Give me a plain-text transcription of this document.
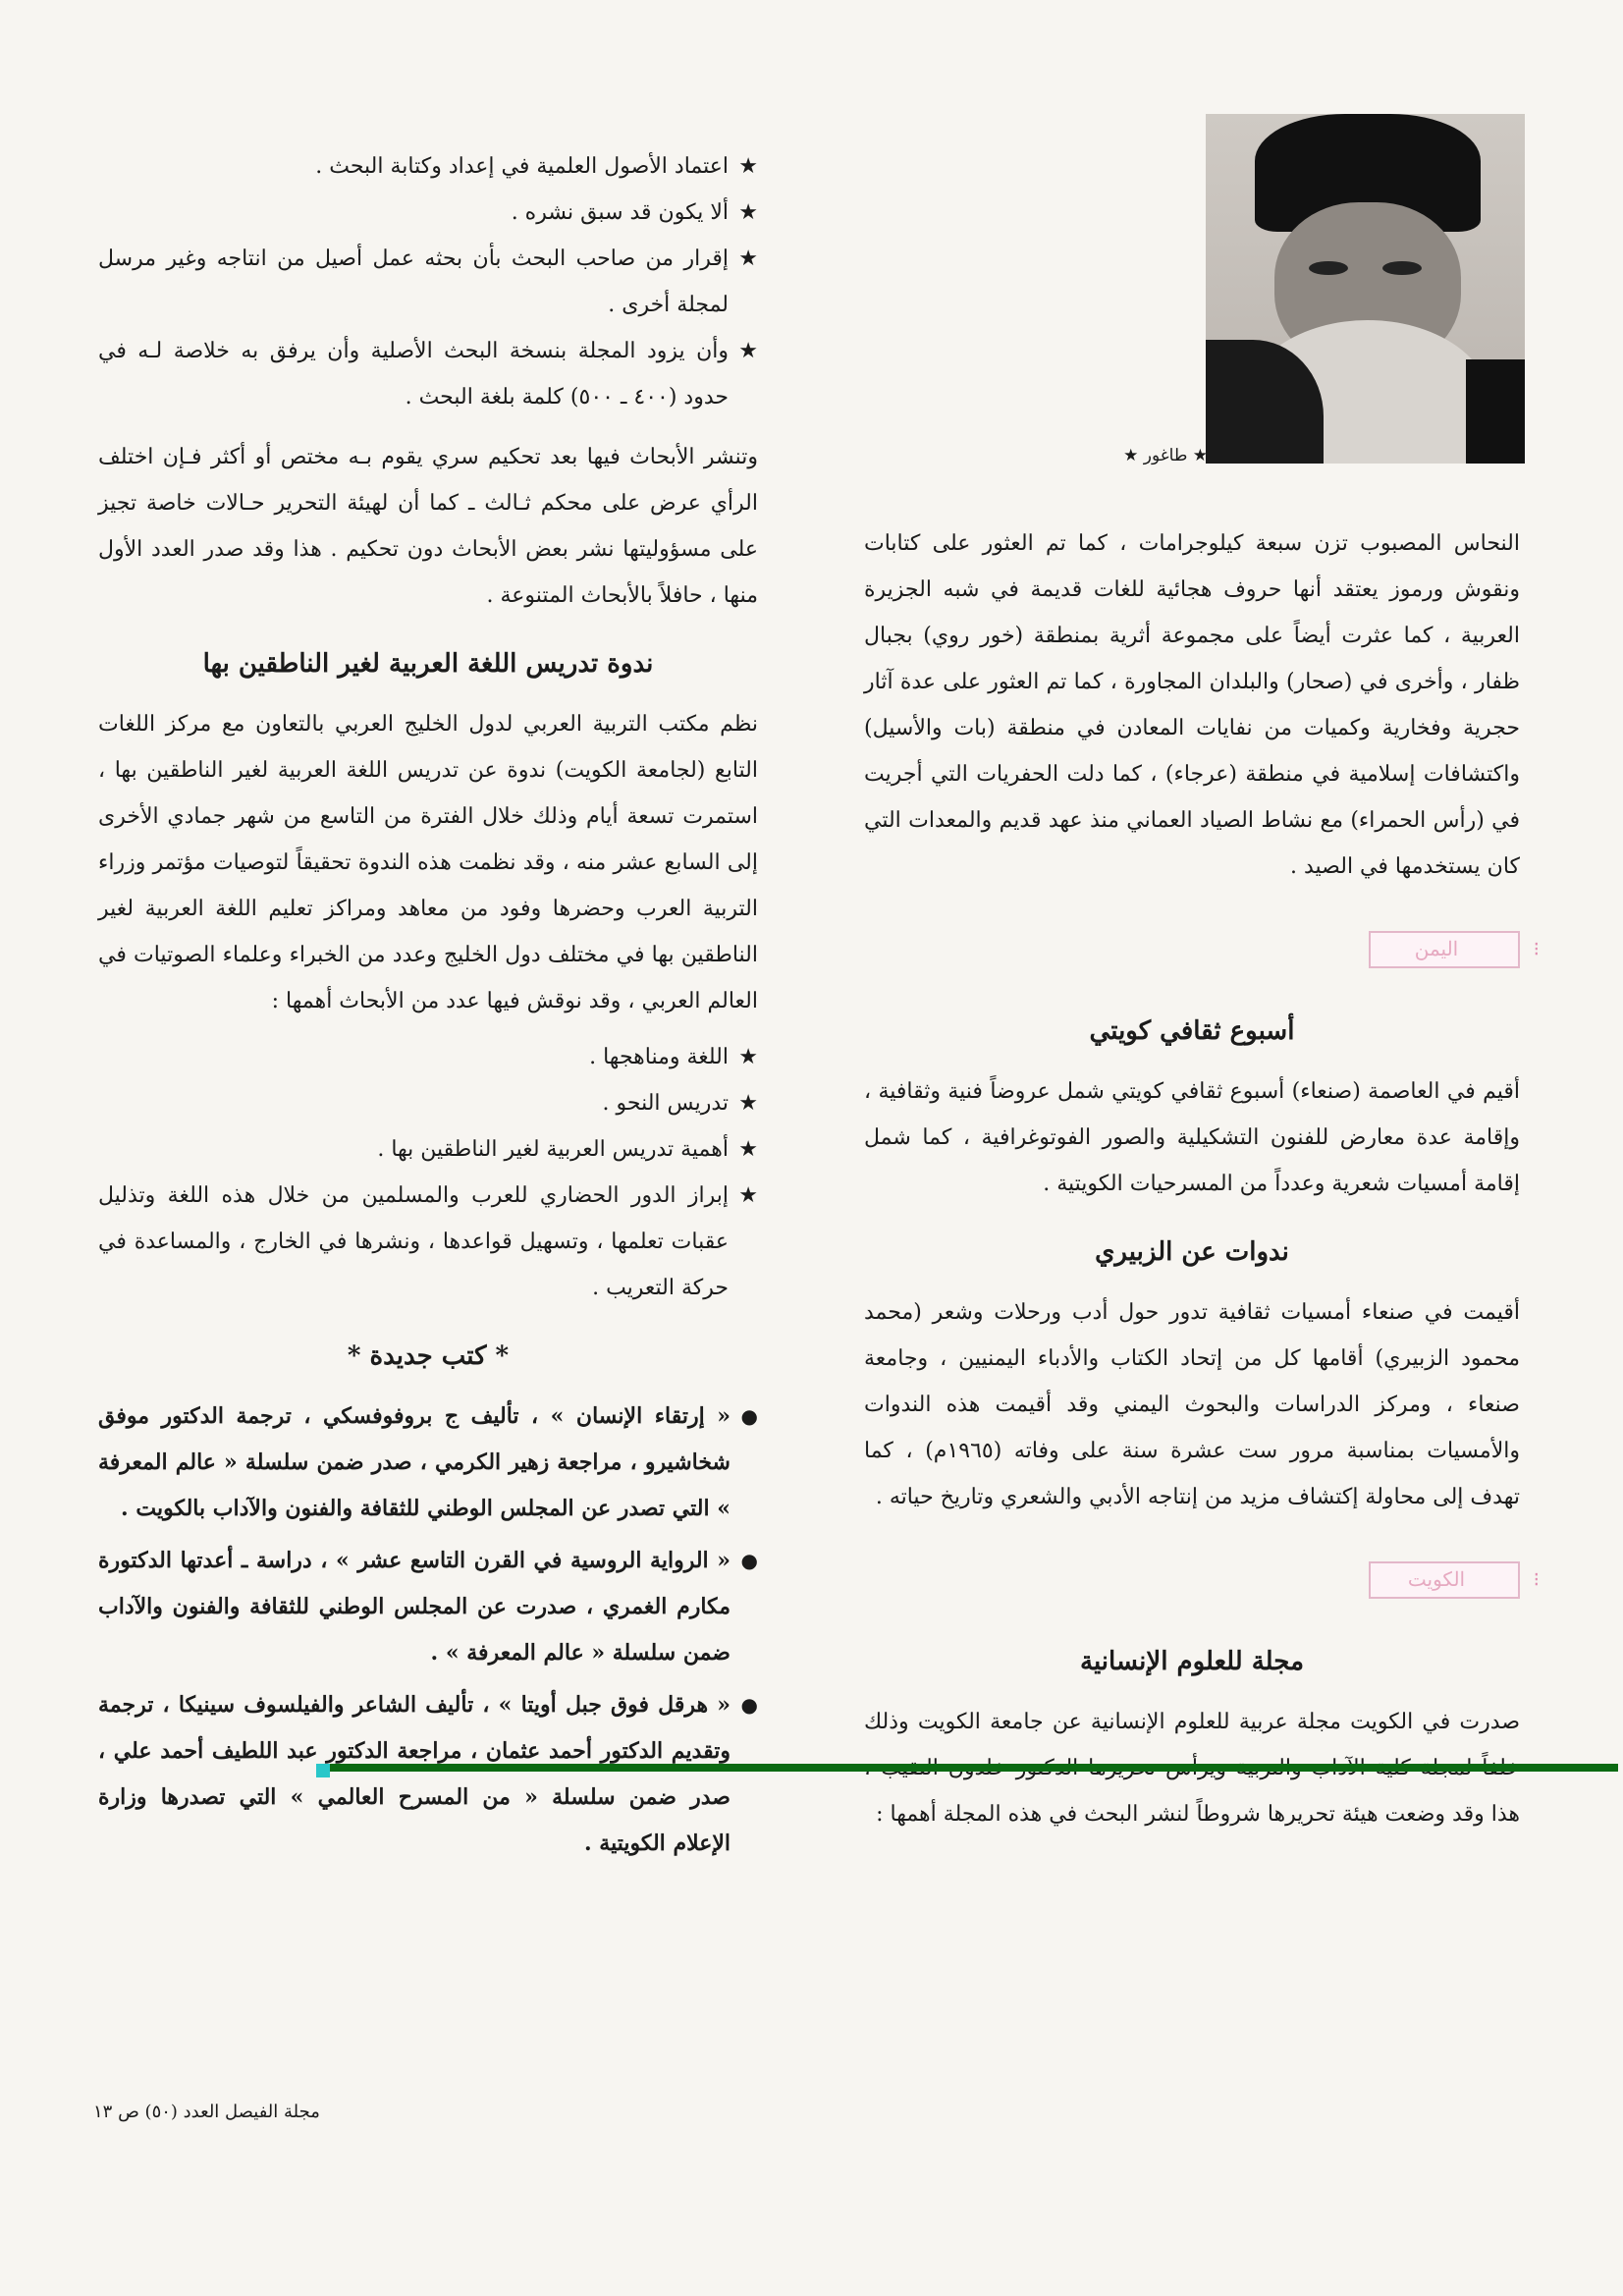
★ اعتماد الأصول العلمية في إعداد وكتابة البحث .
★ ألا يكون قد سبق نشره .
★ إقرار من صاحب البحث بأن بحثه عمل أصيل من انتاجه وغير مرسل لمجلة أخرى .
★ وأن يزود المجلة بنسخة البحث الأصلية وأن يرفق به خلاصة لـه في حدود (٤٠٠ ـ ٥٠٠) كلمة بلغة البحث .

وتنشر الأبحاث فيها بعد تحكيم سري يقوم بـه مختص أو أكثر فـإن اختلف الرأي عرض على محكم ثـالث ـ كما أن لهيئة التحرير حـالات خاصة تجيز على مسؤوليتها نشر بعض الأبحاث دون تحكيم . هذا وقد صدر العدد الأول منها ، حافلاً بالأبحاث المتنوعة .

ندوة تدريس اللغة العربية لغير الناطقين بها

نظم مكتب التربية العربي لدول الخليج العربي بالتعاون مع مركز اللغات التابع (لجامعة الكويت) ندوة عن تدريس اللغة العربية لغير الناطقين بها ، استمرت تسعة أيام وذلك خلال الفترة من التاسع من شهر جمادي الأخرى إلى السابع عشر منه ، وقد نظمت هذه الندوة تحقيقاً لتوصيات مؤتمر وزراء التربية العرب وحضرها وفود من معاهد ومراكز تعليم اللغة العربية لغير الناطقين بها في مختلف دول الخليج وعدد من الخبراء وعلماء الصوتيات في العالم العربي ، وقد نوقش فيها عدد من الأبحاث أهمها :

★ اللغة ومناهجها .
★ تدريس النحو .
★ أهمية تدريس العربية لغير الناطقين بها .
★ إبراز الدور الحضاري للعرب والمسلمين من خلال هذه اللغة وتذليل عقبات تعلمها ، وتسهيل قواعدها ، ونشرها في الخارج ، والمساعدة في حركة التعريب .
* كتب جديدة *
● « إرتقاء الإنسان » ، تأليف ج بروفوفسكي ، ترجمة الدكتور موفق شخاشيرو ، مراجعة زهير الكرمي ، صدر ضمن سلسلة « عالم المعرفة » التي تصدر عن المجلس الوطني للثقافة والفنون والآداب بالكويت .
● « الرواية الروسية في القرن التاسع عشر » ، دراسة ـ أعدتها الدكتورة مكارم الغمري ، صدرت عن المجلس الوطني للثقافة والفنون والآداب ضمن سلسلة « عالم المعرفة » .
● « هرقل فوق جبل أويتا » ، تأليف الشاعر والفيلسوف سينيكا ، ترجمة وتقديم الدكتور أحمد عثمان ، مراجعة الدكتور عبد اللطيف أحمد علي ، صدر ضمن سلسلة « من المسرح العالمي » التي تصدرها وزارة الإعلام الكويتية .
★ طاغور ★

النحاس المصبوب تزن سبعة كيلوجرامات ، كما تم العثور على كتابات ونقوش ورموز يعتقد أنها حروف هجائية للغات قديمة في شبه الجزيرة العربية ، كما عثرت أيضاً على مجموعة أثرية بمنطقة (خور روي) بجبال ظفار ، وأخرى في (صحار) والبلدان المجاورة ، كما تم العثور على عدة آثار حجرية وفخارية وكميات من نفايات المعادن في منطقة (بات والأسيل) واكتشافات إسلامية في منطقة (عرجاء) ، كما دلت الحفريات التي أجريت في (رأس الحمراء) مع نشاط الصياد العماني منذ عهد قديم والمعدات التي كان يستخدمها في الصيد .

اليمن	⁝
أسبوع ثقافي كويتي

أقيم في العاصمة (صنعاء) أسبوع ثقافي كويتي شمل عروضاً فنية وثقافية ، وإقامة عدة معارض للفنون التشكيلية والصور الفوتوغرافية ، كما شمل إقامة أمسيات شعرية وعدداً من المسرحيات الكويتية .

ندوات عن الزبيري

أقيمت في صنعاء أمسيات ثقافية تدور حول أدب ورحلات وشعر (محمد محمود الزبيري) أقامها كل من إتحاد الكتاب والأدباء اليمنيين ، وجامعة صنعاء ، ومركز الدراسات والبحوث اليمني وقد أقيمت هذه الندوات والأمسيات بمناسبة مرور ست عشرة سنة على وفاته (١٩٦٥م) ، كما تهدف إلى محاولة إكتشاف مزيد من إنتاجه الأدبي والشعري وتاريخ حياته .

الكويت	⁝
مجلة للعلوم الإنسانية

صدرت في الكويت مجلة عربية للعلوم الإنسانية عن جامعة الكويت وذلك هذا وقد وضعت هيئة تحريرها شروطاً لنشر البحث في هذه المجلة أهمها :

مجلة الفيصل العدد (٥٠) ص ١٣
